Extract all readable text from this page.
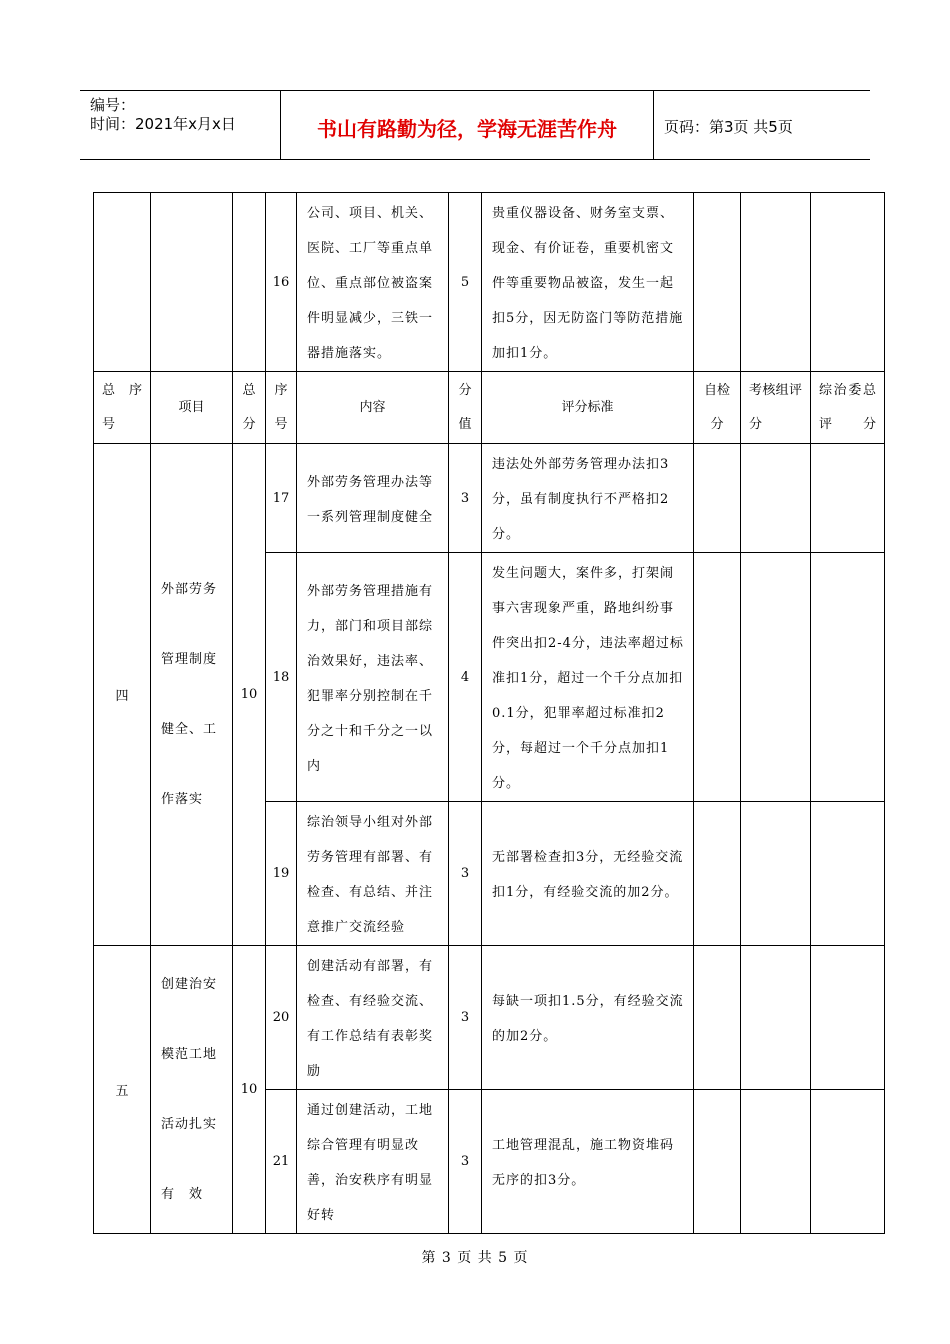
编号：
时间：2021年x月x日	书山有路勤为径，学海无涯苦作舟	页码：第3页 共5页
			16	公司、项目、机关、医院、工厂等重点单位、重点部位被盗案件明显减少，三铁一器措施落实。	5	贵重仪器设备、财务室支票、现金、有价证卷，重要机密文件等重要物品被盗，发生一起扣5分，因无防盗门等防范措施加扣1分。			
总 序号	项目	总分	序号	内容	分值	评分标准	自检分	考核组评分	综治委总评分
四	外部劳务管理制度健全、工作落实	10	17	外部劳务管理办法等一系列管理制度健全	3	违法处外部劳务管理办法扣3分，虽有制度执行不严格扣2分。			
			18	外部劳务管理措施有力，部门和项目部综治效果好，违法率、犯罪率分别控制在千分之十和千分之一以内	4	发生问题大，案件多，打架闹事六害现象严重，路地纠纷事件突出扣2-4分，违法率超过标准扣1分，超过一个千分点加扣0.1分，犯罪率超过标准扣2分，每超过一个千分点加扣1分。			
			19	综治领导小组对外部劳务管理有部署、有检查、有总结、并注意推广交流经验	3	无部署检查扣3分，无经验交流扣1分，有经验交流的加2分。			
五	创建治安模范工地活动扎实有　效	10	20	创建活动有部署，有检查、有经验交流、有工作总结有表彰奖励	3	每缺一项扣1.5分，有经验交流的加2分。			
			21	通过创建活动，工地综合管理有明显改善，治安秩序有明显好转	3	工地管理混乱，施工物资堆码无序的扣3分。			
第 3 页 共 5 页
